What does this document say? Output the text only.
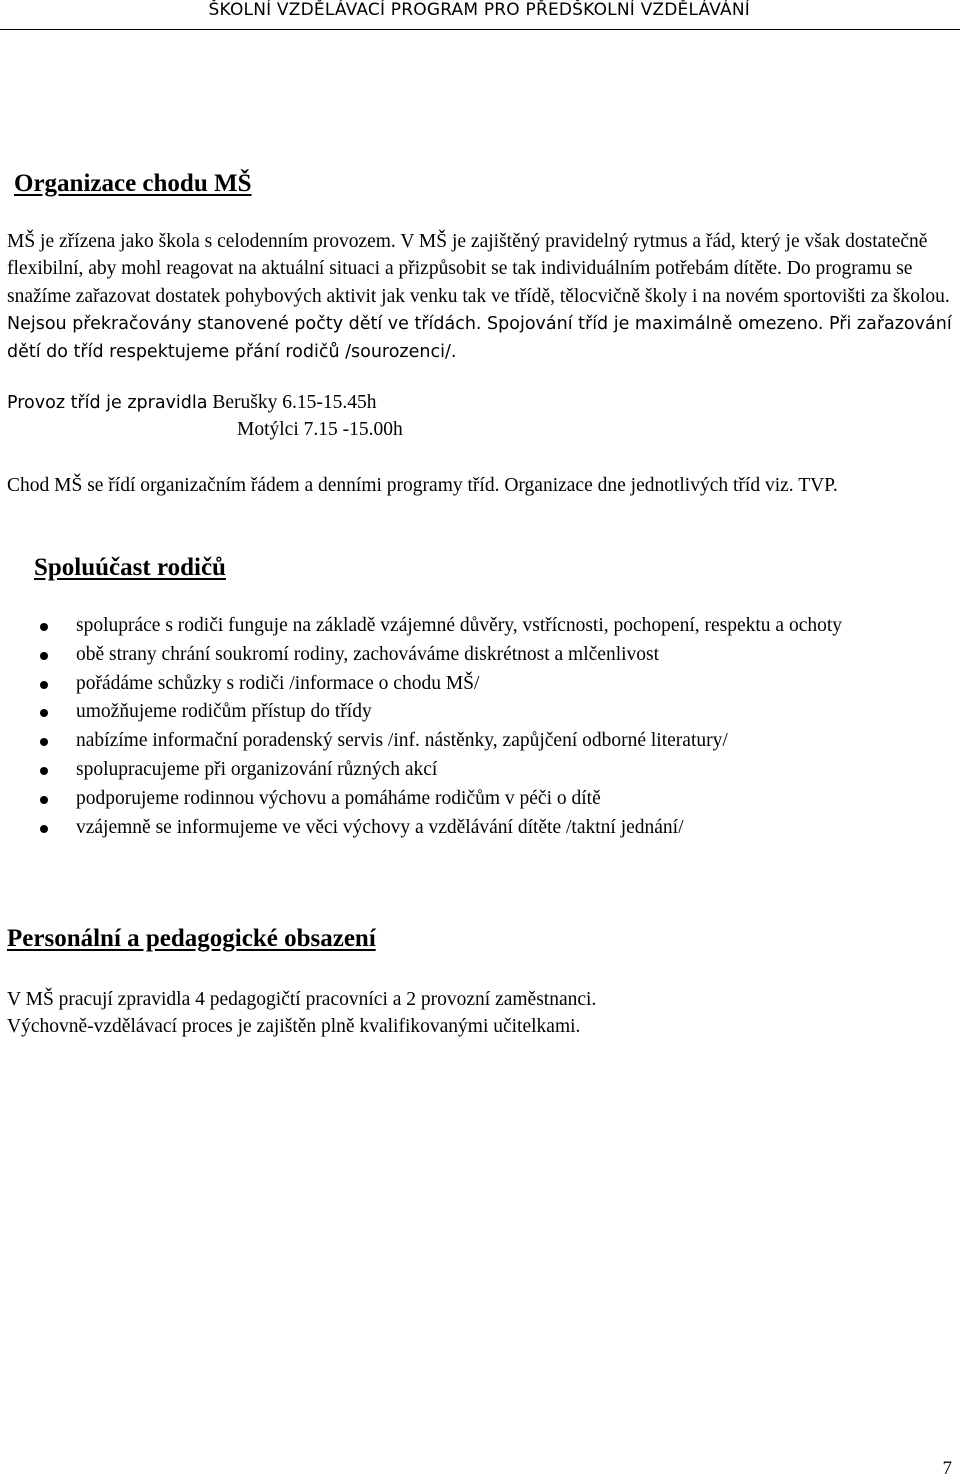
ŠKOLNÍ VZDĚLÁVACÍ PROGRAM PRO PŘEDŠKOLNÍ VZDĚLÁVÁNÍ
Organizace chodu MŠ
MŠ je zřízena jako škola s celodenním provozem. V MŠ je zajištěný pravidelný rytmus a řád, který je však dostatečně flexibilní, aby mohl reagovat na aktuální situaci a přizpůsobit se tak individuálním potřebám dítěte. Do programu se snažíme zařazovat dostatek pohybových aktivit jak venku tak ve třídě, tělocvičně školy i na novém sportovišti za školou. Nejsou překračovány stanovené počty dětí ve třídách. Spojování tříd je maximálně omezeno. Při zařazování dětí do tříd respektujeme přání rodičů /sourozenci/.
Provoz tříd je zpravidla Berušky 6.15-15.45h
Motýlci 7.15 -15.00h
Chod MŠ se řídí organizačním řádem a denními programy tříd. Organizace dne jednotlivých tříd viz. TVP.
Spoluúčast rodičů
spolupráce s rodiči funguje na základě vzájemné důvěry, vstřícnosti, pochopení, respektu a ochoty
obě strany chrání soukromí rodiny, zachováváme diskrétnost a mlčenlivost
pořádáme schůzky s rodiči /informace o chodu MŠ/
umožňujeme rodičům přístup do třídy
nabízíme informační poradenský servis /inf. nástěnky, zapůjčení odborné literatury/
spolupracujeme při organizování různých akcí
podporujeme rodinnou výchovu a pomáháme rodičům v péči o dítě
vzájemně se informujeme ve věci výchovy a vzdělávání dítěte /taktní jednání/
Personální a pedagogické obsazení
V MŠ pracují zpravidla 4 pedagogičtí pracovníci a 2 provozní zaměstnanci.
Výchovně-vzdělávací proces je zajištěn plně kvalifikovanými učitelkami.
7
